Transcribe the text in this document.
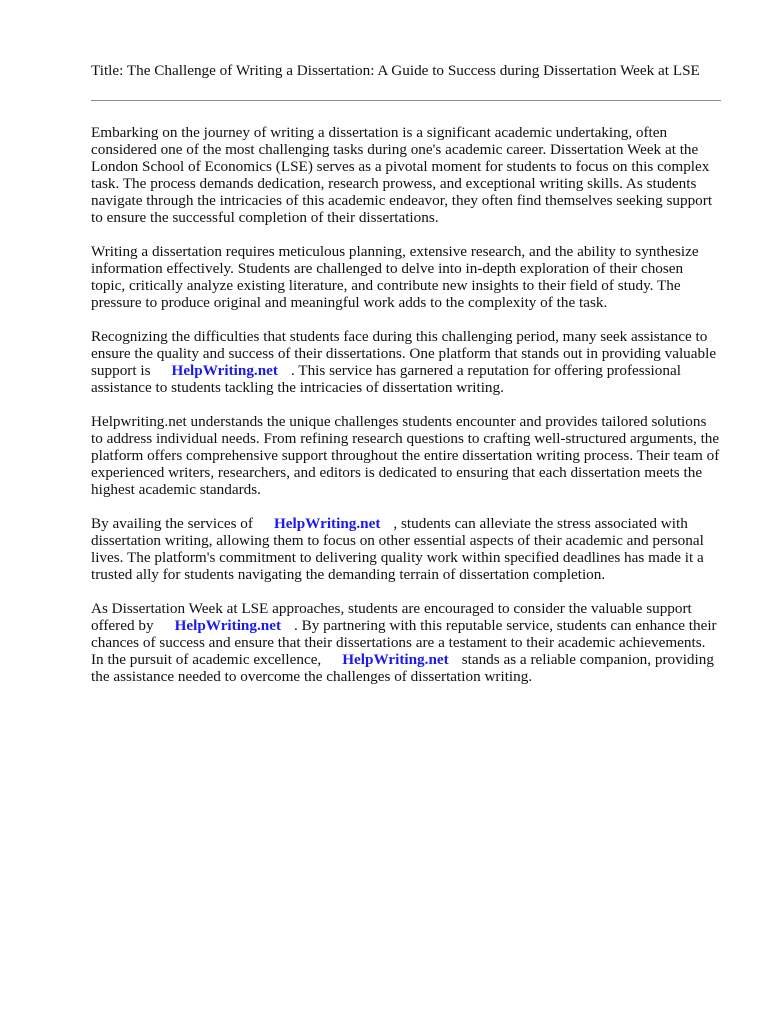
Title: The Challenge of Writing a Dissertation: A Guide to Success during Dissertation Week at LSE

Embarking on the journey of writing a dissertation is a significant academic undertaking, often considered one of the most challenging tasks during one's academic career. Dissertation Week at the London School of Economics (LSE) serves as a pivotal moment for students to focus on this complex task. The process demands dedication, research prowess, and exceptional writing skills. As students navigate through the intricacies of this academic endeavor, they often find themselves seeking support to ensure the successful completion of their dissertations.

Writing a dissertation requires meticulous planning, extensive research, and the ability to synthesize information effectively. Students are challenged to delve into in-depth exploration of their chosen topic, critically analyze existing literature, and contribute new insights to their field of study. The pressure to produce original and meaningful work adds to the complexity of the task.

Recognizing the difficulties that students face during this challenging period, many seek assistance to ensure the quality and success of their dissertations. One platform that stands out in providing valuable support is HelpWriting.net . This service has garnered a reputation for offering professional assistance to students tackling the intricacies of dissertation writing.

Helpwriting.net understands the unique challenges students encounter and provides tailored solutions to address individual needs. From refining research questions to crafting well-structured arguments, the platform offers comprehensive support throughout the entire dissertation writing process. Their team of experienced writers, researchers, and editors is dedicated to ensuring that each dissertation meets the highest academic standards.

By availing the services of HelpWriting.net , students can alleviate the stress associated with dissertation writing, allowing them to focus on other essential aspects of their academic and personal lives. The platform's commitment to delivering quality work within specified deadlines has made it a trusted ally for students navigating the demanding terrain of dissertation completion.

As Dissertation Week at LSE approaches, students are encouraged to consider the valuable support offered by HelpWriting.net . By partnering with this reputable service, students can enhance their chances of success and ensure that their dissertations are a testament to their academic achievements. In the pursuit of academic excellence, HelpWriting.net stands as a reliable companion, providing the assistance needed to overcome the challenges of dissertation writing.
